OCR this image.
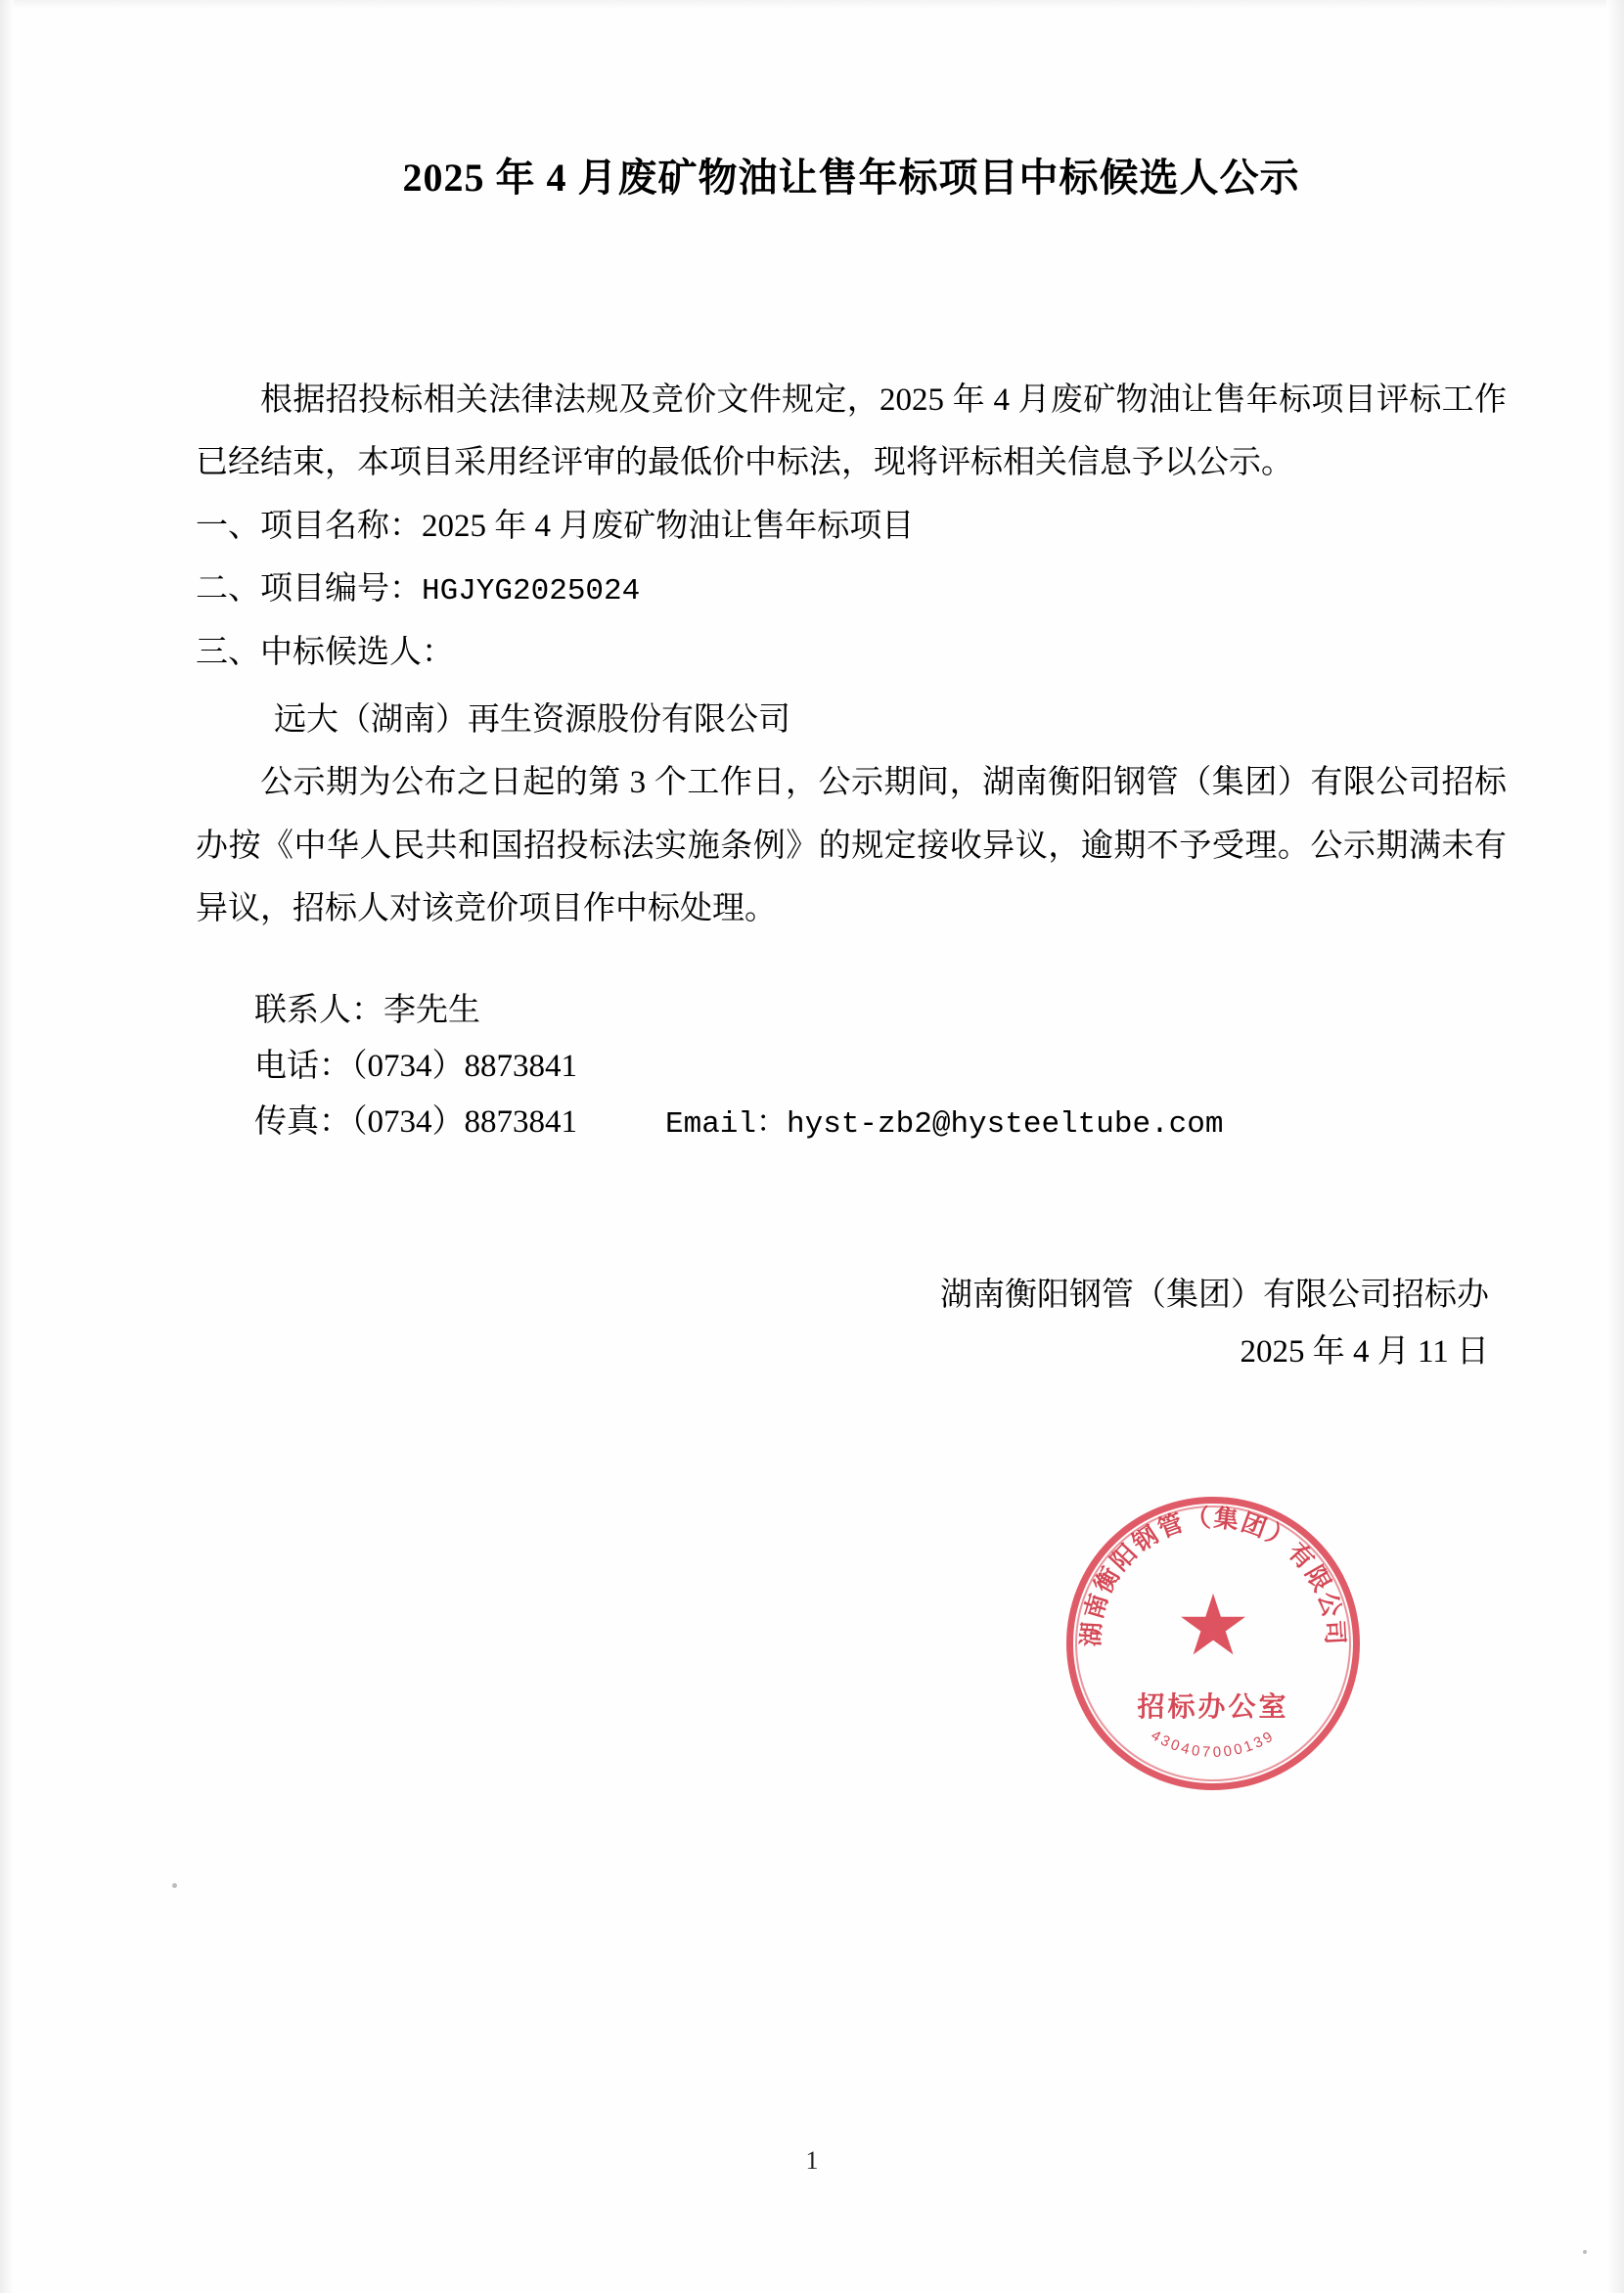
2025 年 4 月废矿物油让售年标项目中标候选人公示

根据招投标相关法律法规及竞价文件规定，2025 年 4 月废矿物油让售年标项目评标工作已经结束，本项目采用经评审的最低价中标法，现将评标相关信息予以公示。

一、项目名称：2025 年 4 月废矿物油让售年标项目
二、项目编号：HGJYG2025024
三、中标候选人：
远大（湖南）再生资源股份有限公司
公示期为公布之日起的第 3 个工作日，公示期间，湖南衡阳钢管（集团）有限公司招标办按《中华人民共和国招投标法实施条例》的规定接收异议，逾期不予受理。公示期满未有异议，招标人对该竞价项目作中标处理。
联系人：李先生
电话：（0734）8873841
传真：（0734）8873841	Email：hyst-zb2@hysteeltube.com
湖南衡阳钢管（集团）有限公司招标办
2025 年 4 月 11 日
湖南衡阳钢管（集团）有限公司
430407000139
★
招标办公室
1
